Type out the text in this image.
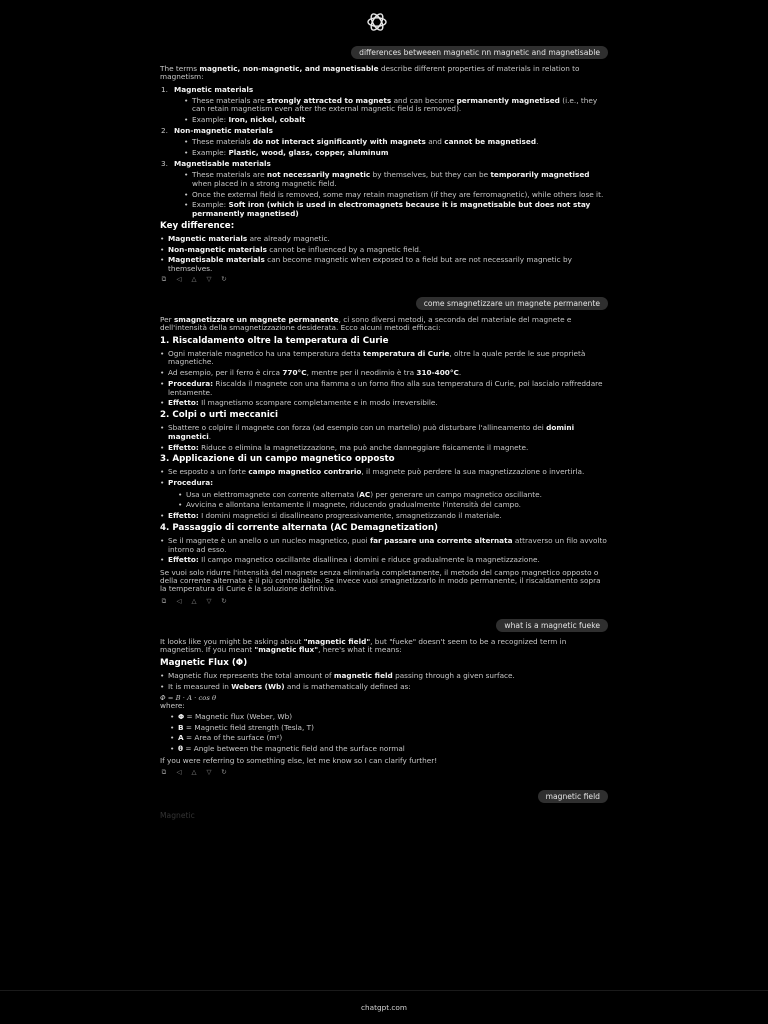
differences betweeen magnetic nn magnetic and magnetisable

The terms magnetic, non-magnetic, and magnetisable describe different properties of materials in relation to magnetism:

1. Magnetic materials
• These materials are strongly attracted to magnets and can become permanently magnetised (i.e., they can retain magnetism even after the external magnetic field is removed).
• Example: Iron, nickel, cobalt
2. Non-magnetic materials
• These materials do not interact significantly with magnets and cannot be magnetised.
• Example: Plastic, wood, glass, copper, aluminum
3. Magnetisable materials
• These materials are not necessarily magnetic by themselves, but they can be temporarily magnetised when placed in a strong magnetic field.
• Once the external field is removed, some may retain magnetism (if they are ferromagnetic), while others lose it.
• Example: Soft iron (which is used in electromagnets because it is magnetisable but does not stay permanently magnetised)
Key difference:
• Magnetic materials are already magnetic.
• Non-magnetic materials cannot be influenced by a magnetic field.
• Magnetisable materials can become magnetic when exposed to a field but are not necessarily magnetic by themselves.
⧉ ◁ △ ▽ ↻
come smagnetizzare un magnete permanente

Per smagnetizzare un magnete permanente, ci sono diversi metodi, a seconda del materiale del magnete e dell'intensità della smagnetizzazione desiderata. Ecco alcuni metodi efficaci:

1. Riscaldamento oltre la temperatura di Curie
• Ogni materiale magnetico ha una temperatura detta temperatura di Curie, oltre la quale perde le sue proprietà magnetiche.
• Ad esempio, per il ferro è circa 770°C, mentre per il neodimio è tra 310-400°C.
• Procedura: Riscalda il magnete con una fiamma o un forno fino alla sua temperatura di Curie, poi lascialo raffreddare lentamente.
• Effetto: Il magnetismo scompare completamente e in modo irreversibile.
2. Colpi o urti meccanici
• Sbattere o colpire il magnete con forza (ad esempio con un martello) può disturbare l'allineamento dei domini magnetici.
• Effetto: Riduce o elimina la magnetizzazione, ma può anche danneggiare fisicamente il magnete.
3. Applicazione di un campo magnetico opposto
• Se esposto a un forte campo magnetico contrario, il magnete può perdere la sua magnetizzazione o invertirla.
• Procedura:
• Usa un elettromagnete con corrente alternata (AC) per generare un campo magnetico oscillante.
• Avvicina e allontana lentamente il magnete, riducendo gradualmente l'intensità del campo.
• Effetto: I domini magnetici si disallineano progressivamente, smagnetizzando il materiale.
4. Passaggio di corrente alternata (AC Demagnetization)
• Se il magnete è un anello o un nucleo magnetico, puoi far passare una corrente alternata attraverso un filo avvolto intorno ad esso.
• Effetto: Il campo magnetico oscillante disallinea i domini e riduce gradualmente la magnetizzazione.

Se vuoi solo ridurre l'intensità del magnete senza eliminarla completamente, il metodo del campo magnetico opposto o della corrente alternata è il più controllabile. Se invece vuoi smagnetizzarlo in modo permanente, il riscaldamento sopra la temperatura di Curie è la soluzione definitiva.

⧉ ◁ △ ▽ ↻
what is a magnetic fueke

It looks like you might be asking about "magnetic field", but "fueke" doesn't seem to be a recognized term in magnetism. If you meant "magnetic flux", here's what it means:

Magnetic Flux (Φ)
• Magnetic flux represents the total amount of magnetic field passing through a given surface.
• It is measured in Webers (Wb) and is mathematically defined as:
Φ = B · A · cos θ
where:
• Φ = Magnetic flux (Weber, Wb)
• B = Magnetic field strength (Tesla, T)
• A = Area of the surface (m²)
• θ = Angle between the magnetic field and the surface normal

If you were referring to something else, let me know so I can clarify further!

⧉ ◁ △ ▽ ↻
magnetic field
Magnetic
chatgpt.com
